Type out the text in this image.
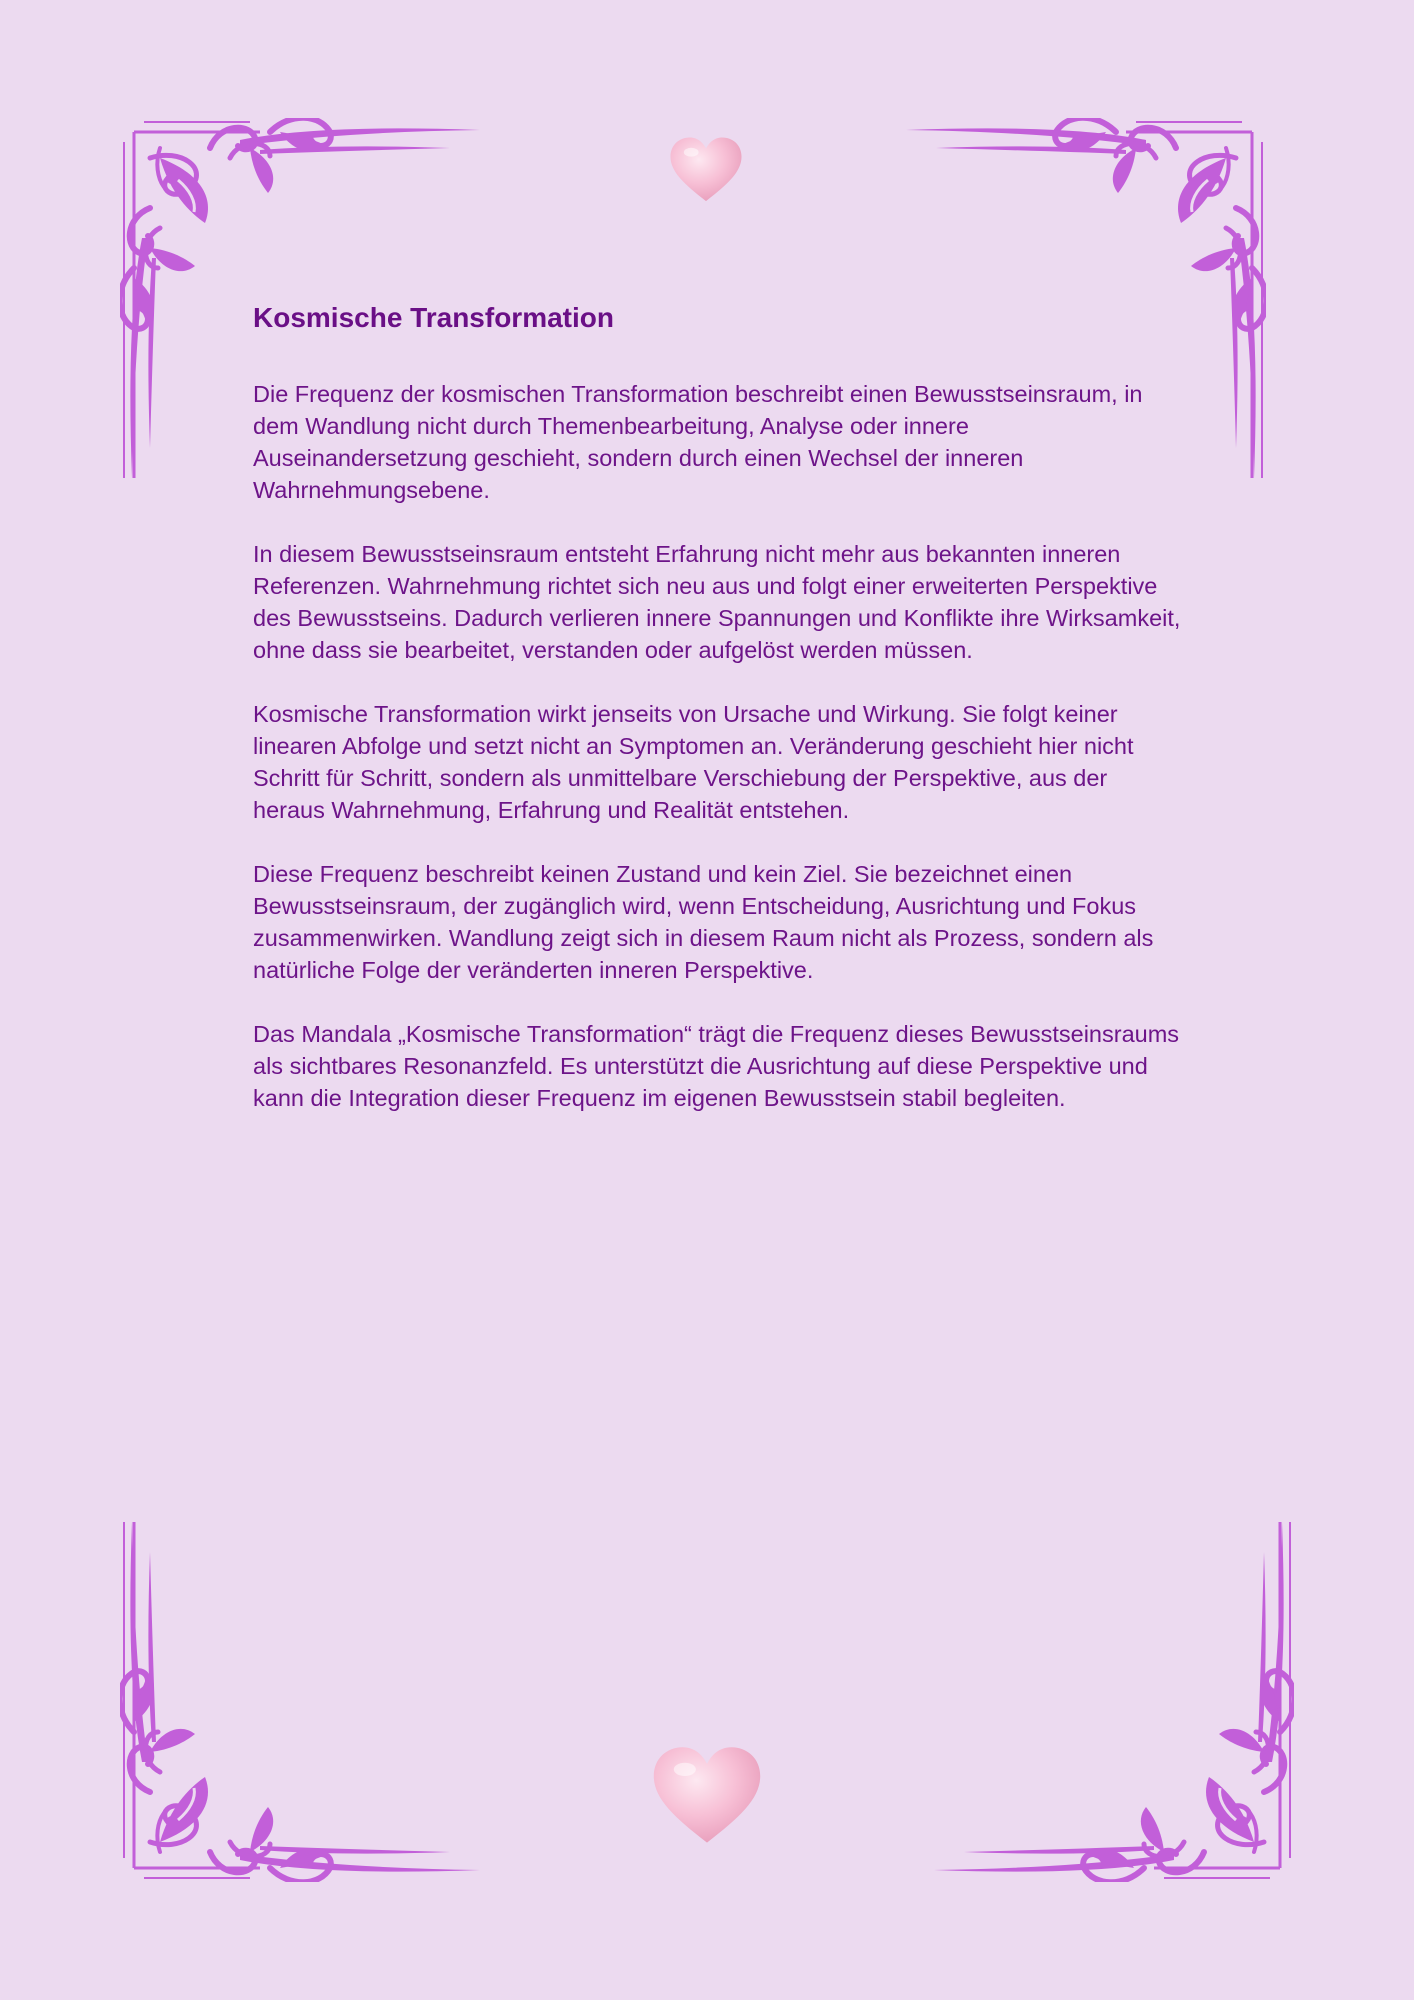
Kosmische Transformation

Die Frequenz der kosmischen Transformation beschreibt einen Bewusstseinsraum, in dem Wandlung nicht durch Themenbearbeitung, Analyse oder innere Auseinandersetzung geschieht, sondern durch einen Wechsel der inneren Wahrnehmungsebene.

In diesem Bewusstseinsraum entsteht Erfahrung nicht mehr aus bekannten inneren Referenzen. Wahrnehmung richtet sich neu aus und folgt einer erweiterten Perspektive des Bewusstseins. Dadurch verlieren innere Spannungen und Konflikte ihre Wirksamkeit, ohne dass sie bearbeitet, verstanden oder aufgelöst werden müssen.

Kosmische Transformation wirkt jenseits von Ursache und Wirkung. Sie folgt keiner linearen Abfolge und setzt nicht an Symptomen an. Veränderung geschieht hier nicht Schritt für Schritt, sondern als unmittelbare Verschiebung der Perspektive, aus der heraus Wahrnehmung, Erfahrung und Realität entstehen.

Diese Frequenz beschreibt keinen Zustand und kein Ziel. Sie bezeichnet einen Bewusstseinsraum, der zugänglich wird, wenn Entscheidung, Ausrichtung und Fokus zusammenwirken. Wandlung zeigt sich in diesem Raum nicht als Prozess, sondern als natürliche Folge der veränderten inneren Perspektive.

Das Mandala „Kosmische Transformation“ trägt die Frequenz dieses Bewusstseinsraums als sichtbares Resonanzfeld. Es unterstützt die Ausrichtung auf diese Perspektive und kann die Integration dieser Frequenz im eigenen Bewusstsein stabil begleiten.
